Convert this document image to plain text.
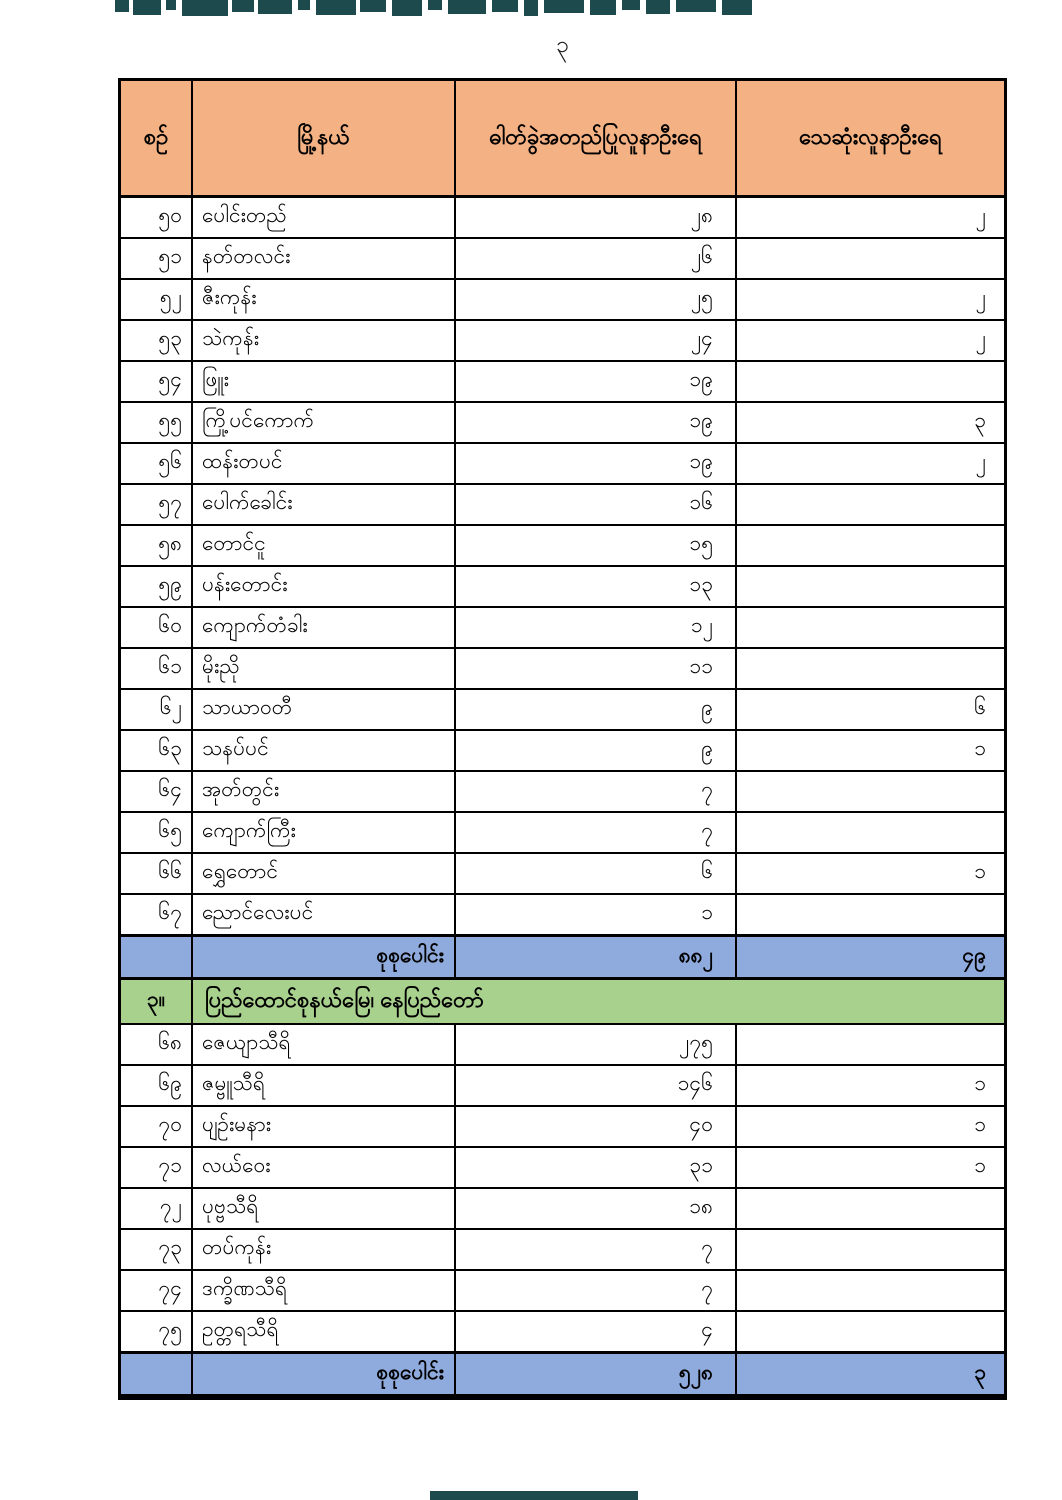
၃
စဉ်	မြို့နယ်	ဓါတ်ခွဲအတည်ပြုလူနာဦးရေ	သေဆုံးလူနာဦးရေ
၅၀ ပေါင်းတည်	၂၈	၂
၅၁ နတ်တလင်း	၂၆
၅၂ ဇီးကုန်း	၂၅	၂
၅၃ သဲကုန်း	၂၄	၂
၅၄ ဖြူး	၁၉
၅၅ ကြို့ပင်ကောက်	၁၉	၃
၅၆ ထန်းတပင်	၁၉	၂
၅၇ ပေါက်ခေါင်း	၁၆
၅၈ တောင်ငူ	၁၅
၅၉ ပန်းတောင်း	၁၃
၆၀ ကျောက်တံခါး	၁၂
၆၁ မိုးညို	၁၁
၆၂ သာယာဝတီ	၉	၆
၆၃ သနပ်ပင်	၉	၁
၆၄ အုတ်တွင်း	၇
၆၅ ကျောက်ကြီး	၇
၆၆ ရွှေတောင်	၆	၁
၆၇ ညောင်လေးပင်	၁
စုစုပေါင်း	၈၈၂	၄၉
၃။	ပြည်ထောင်စုနယ်မြေ၊ နေပြည်တော်
၆၈ ဇေယျာသီရိ	၂၇၅
၆၉ ဇမ္ဗူသီရိ	၁၄၆	၁
၇၀ ပျဉ်းမနား	၄၀	၁
၇၁ လယ်ဝေး	၃၁	၁
၇၂ ပုဗ္ဗသီရိ	၁၈
၇၃ တပ်ကုန်း	၇
၇၄ ဒက္ခိဏသီရိ	၇
၇၅ ဥတ္တရသီရိ	၄
စုစုပေါင်း	၅၂၈	၃
